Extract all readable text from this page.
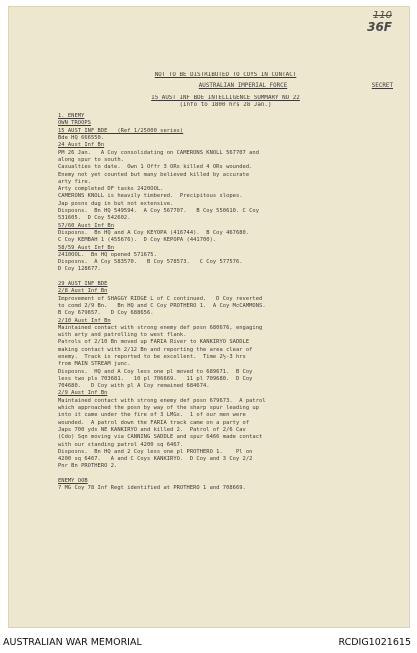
110
36F
NOT TO BE DISTRIBUTED TO COYS IN CONTACT
AUSTRALIAN IMPERIAL FORCE	SECRET
15 AUST INF BDE INTELLIGENCE SUMMARY NO 22
(Info to 1800 hrs 28 Jan.)
1. ENEMY
OWN TROOPS
15 AUST INF BDE   (Ref 1/25000 series)
Bde HQ 666550.
24 Aust Inf Bn
PM 26 Jan.   A Coy consolidating on CAMERONS KNOLL 567707 and
along spur to south.
Casualties to date.  Own 1 Offr 3 ORs killed 4 ORs wounded.
Enemy not yet counted but many believed killed by accurate
arty fire.
Arty completed DF tasks 2420OOL.
CAMERONS KNOLL is heavily timbered.  Precipitous slopes.
Jap posns dug in but not extensive.
Disposns.  Bn HQ 549594.  A Coy 567707.   B Coy 550610. C Coy
531605.  D Coy 542602.
57/60 Aust Inf Bn
Disposns.  Bn HQ and A Coy KEYOPA (416744).  B Coy 467680.
C Coy KEMBAH 1 (455676).  D Coy KEPOPA (441700).
58/59 Aust Inf Bn
2410OOL.  Bn HQ opened 571675.
Disposns.  A Coy 583570.   B Coy 578573.   C Coy 577576.
D Coy 128677.

29 AUST INF BDE
2/8 Aust Inf Bn
Improvement of SHAGGY RIDGE L of C continued.   D Coy reverted
to comd 2/9 Bn.   Bn HQ and C Coy PROTHERO 1.  A Coy McCAMMONS.
B Coy 679657.   D Coy 688656.
2/10 Aust Inf Bn
Maintained contact with strong enemy def posn 680676, engaging
with arty and patrolling to west flank.
Patrols of 2/10 Bn moved up FARIA River to KANKIRYO SADDLE
making contact with 2/12 Bn and reporting the area clear of
enemy.  Track is reported to be excellent.  Time 2½-3 hrs
from MAIN STREAM junc.
Disposns.  HQ and A Coy less one pl moved to 689671.  B Coy
less two pls 703681.   10 pl 706669.   11 pl 709680.  D Coy
704680.   D Coy with pl A Coy remained 684674.
2/9 Aust Inf Bn
Maintained contact with strong enemy def posn 679673.  A patrol
which approached the posn by way of the sharp spur leading up
into it came under the fire of 3 LMGs.  1 of our men were
wounded.  A patrol down the FARIA track came on a party of
Japs 700 yds NE KANKIRYO and killed 2.  Patrol of 2/6 Cav
(Cdo) Sqn moving via CANNING SADDLE and spur 6466 made contact
with our standing patrol 4200 sq 6467.
Disposns.  Bn HQ and 2 Coy less one pl PROTHERO 1.    Pl on
4200 sq 6467.   A and C Coys KANKIRYO.  D Coy and 3 Coy 2/2
Pnr Bn PROTHERO 2.

ENEMY OOB
7 MG Coy 78 Inf Regt identified at PROTHERO 1 and 708669.
AUSTRALIAN WAR MEMORIAL	RCDIG1021615
